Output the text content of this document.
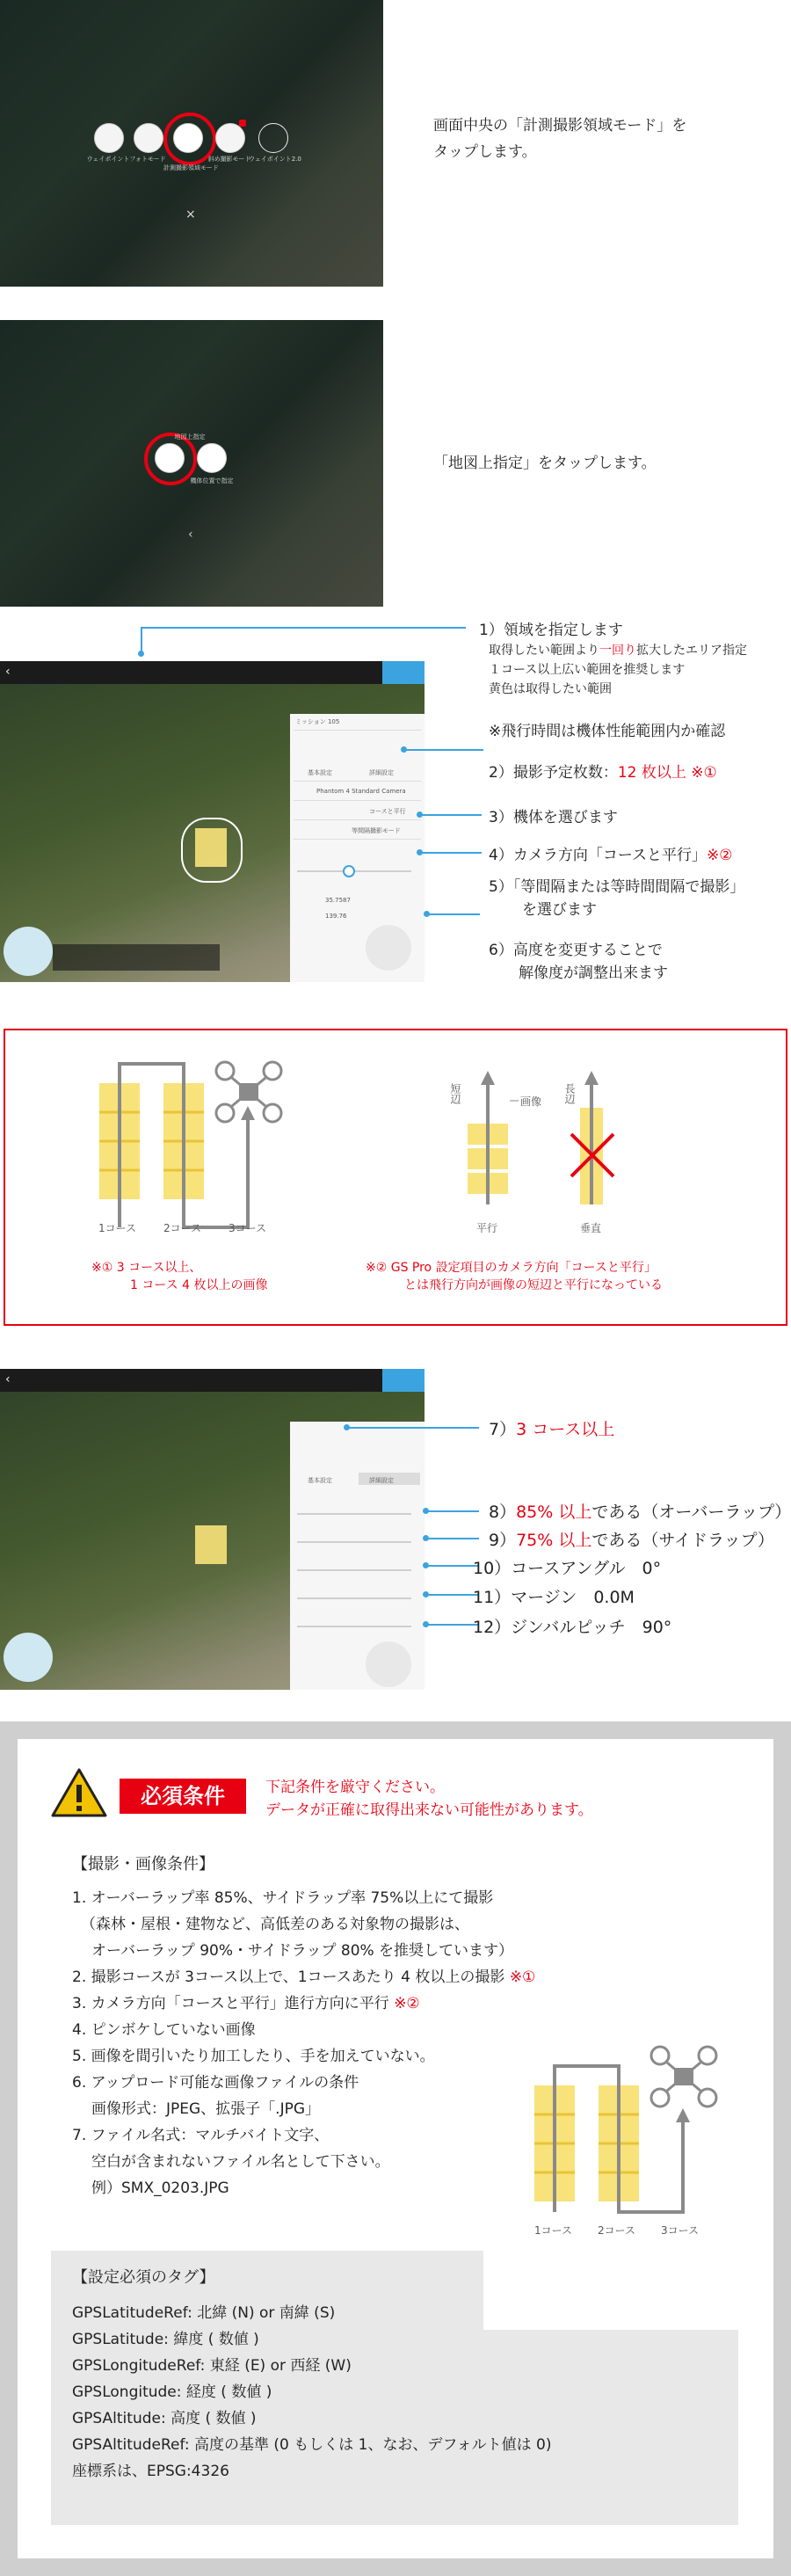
ウェイポイント フォトモード
計測撮影領域モード
斜め撮影モード
ウェイポイント2.0
×
画面中央の「計測撮影領域モード」を
タップします。
地図上指定
機体位置で指定
‹
「地図上指定」をタップします。
‹
ミッション 105
基本設定	詳細設定
Phantom 4 Standard Camera
コースと平行
等間隔撮影モード
35.7587
139.76
1）領域を指定します
取得したい範囲より一回り拡大したエリア指定
１コース以上広い範囲を推奨します
黄色は取得したい範囲
※飛行時間は機体性能範囲内か確認
2）撮影予定枚数：12 枚以上 ※①
3）機体を選びます
4）カメラ方向「コースと平行」※②
5）「等間隔または等時間間隔で撮影」
を選びます
6）高度を変更することで
解像度が調整出来ます
1コース	2コース	3コース
短辺	画像 長辺
平行	垂直
※① 3 コース以上、
1 コース 4 枚以上の画像
※② GS Pro 設定項目のカメラ方向「コースと平行」
とは飛行方向が画像の短辺と平行になっている
‹
基本設定	詳細設定
7）3 コース以上
8）85% 以上である（オーバーラップ）
9）75% 以上である（サイドラップ）
10）コースアングル　0°
11）マージン　0.0M
12）ジンバルピッチ　90°
必須条件	下記条件を厳守ください。
データが正確に取得出来ない可能性があります。
【撮影・画像条件】
1. オーバーラップ率 85%、サイドラップ率 75%以上にて撮影
（森林・屋根・建物など、高低差のある対象物の撮影は、
オーバーラップ 90%・サイドラップ 80% を推奨しています）
2. 撮影コースが 3コース以上で、1コースあたり 4 枚以上の撮影 ※①
3. カメラ方向「コースと平行」進行方向に平行 ※②
4. ピンボケしていない画像
5. 画像を間引いたり加工したり、手を加えていない。
6. アップロード可能な画像ファイルの条件
画像形式：JPEG、拡張子「.JPG」
7. ファイル名式：マルチバイト文字、
空白が含まれないファイル名として下さい。
例）SMX_0203.JPG
1コース 2コース 3コース
【設定必須のタグ】
GPSLatitudeRef: 北緯 (N) or 南緯 (S)
GPSLatitude: 緯度 ( 数値 )
GPSLongitudeRef: 東経 (E) or 西経 (W)
GPSLongitude: 経度 ( 数値 )
GPSAltitude: 高度 ( 数値 )
GPSAltitudeRef: 高度の基準 (0 もしくは 1、なお、デフォルト値は 0)
座標系は、EPSG:4326
